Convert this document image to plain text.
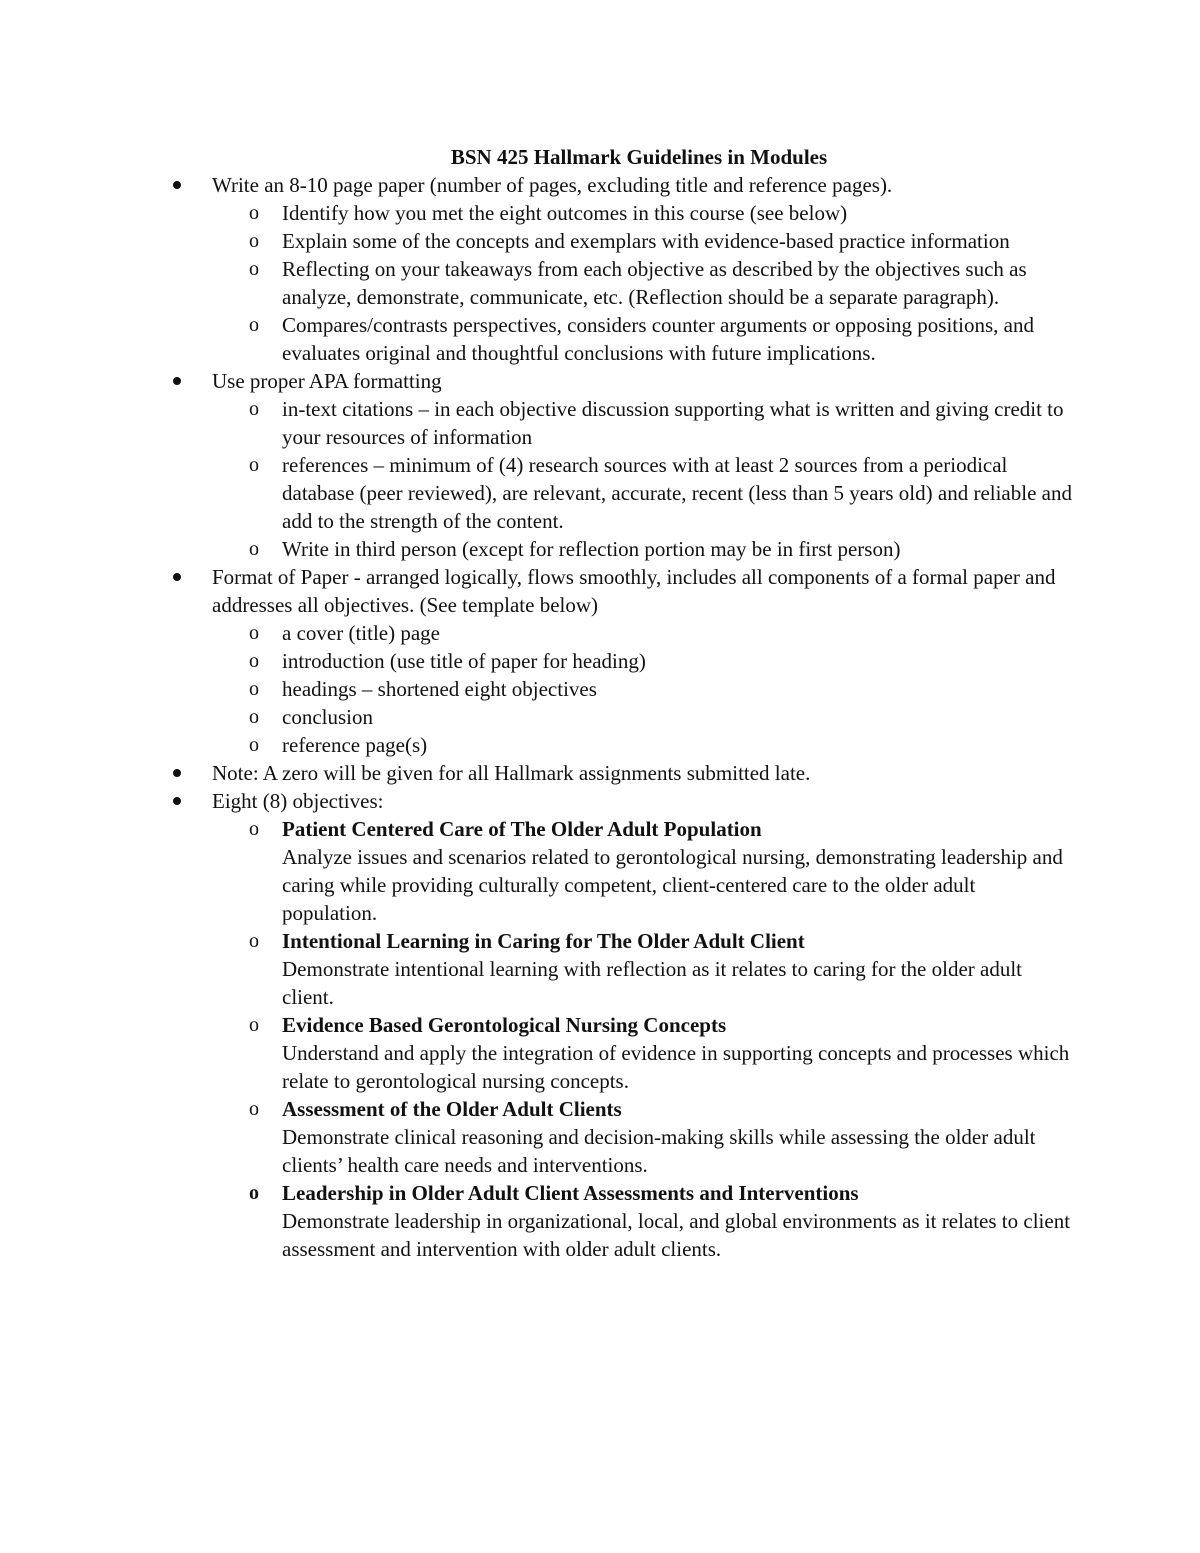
BSN 425 Hallmark Guidelines in Modules
Write an 8-10 page paper (number of pages, excluding title and reference pages).
o Identify how you met the eight outcomes in this course (see below)
o Explain some of the concepts and exemplars with evidence-based practice information
o Reflecting on your takeaways from each objective as described by the objectives such as analyze, demonstrate, communicate, etc. (Reflection should be a separate paragraph).
o Compares/contrasts perspectives, considers counter arguments or opposing positions, and evaluates original and thoughtful conclusions with future implications.
Use proper APA formatting
o in-text citations – in each objective discussion supporting what is written and giving credit to your resources of information
o references – minimum of (4) research sources with at least 2 sources from a periodical database (peer reviewed), are relevant, accurate, recent (less than 5 years old) and reliable and add to the strength of the content.
o Write in third person (except for reflection portion may be in first person)
Format of Paper - arranged logically, flows smoothly, includes all components of a formal paper and addresses all objectives. (See template below)
o a cover (title) page
o introduction (use title of paper for heading)
o headings – shortened eight objectives
o conclusion
o reference page(s)
Note: A zero will be given for all Hallmark assignments submitted late.
Eight (8) objectives:
o Patient Centered Care of The Older Adult Population
Analyze issues and scenarios related to gerontological nursing, demonstrating leadership and caring while providing culturally competent, client-centered care to the older adult population.
o Intentional Learning in Caring for The Older Adult Client
Demonstrate intentional learning with reflection as it relates to caring for the older adult client.
o Evidence Based Gerontological Nursing Concepts
Understand and apply the integration of evidence in supporting concepts and processes which relate to gerontological nursing concepts.
o Assessment of the Older Adult Clients
Demonstrate clinical reasoning and decision-making skills while assessing the older adult clients’ health care needs and interventions.
o Leadership in Older Adult Client Assessments and Interventions
Demonstrate leadership in organizational, local, and global environments as it relates to client assessment and intervention with older adult clients.
